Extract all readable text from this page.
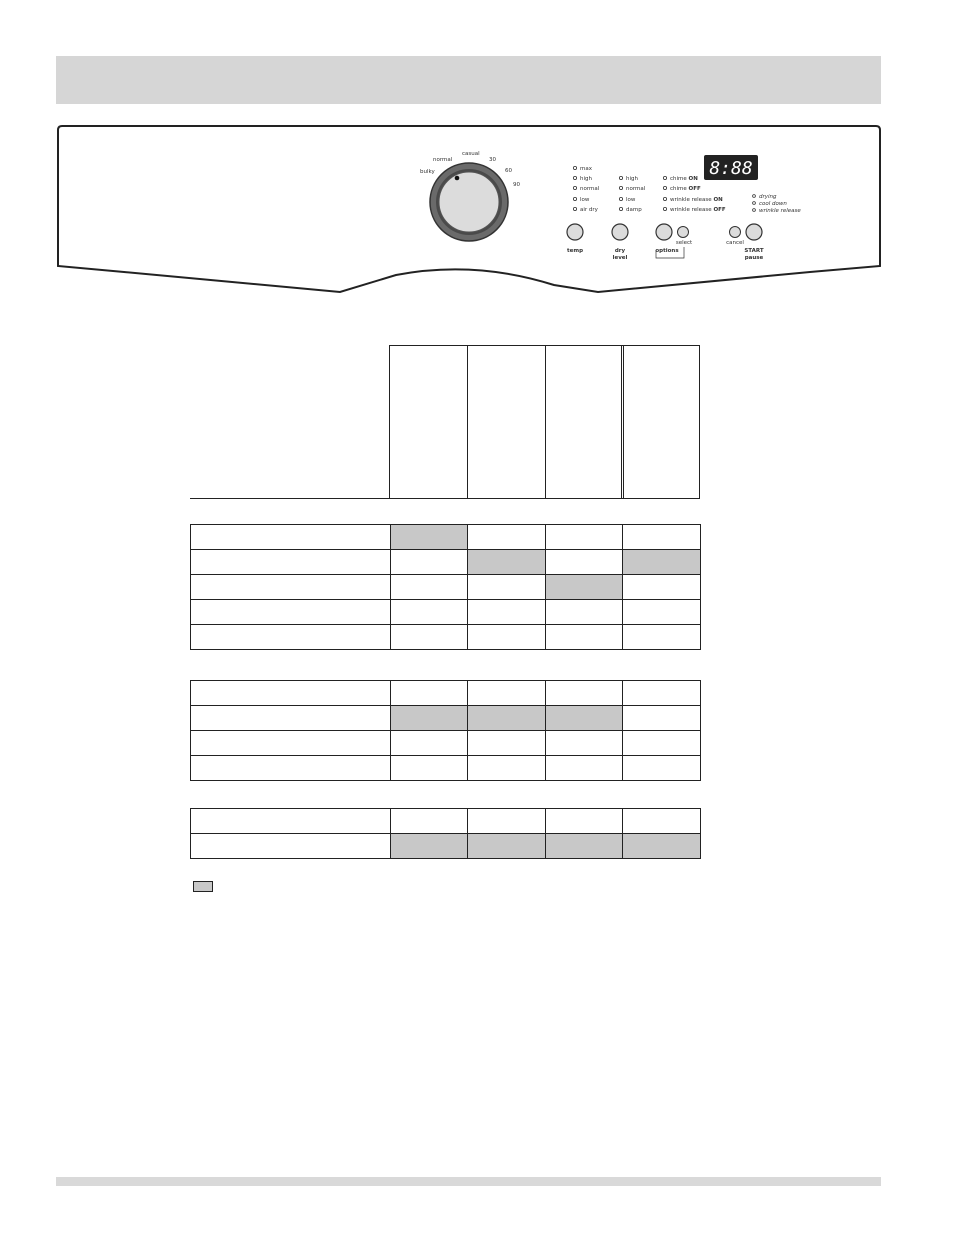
bulky
normal
casual
30
60
90
8:88
max
high
normal
low
air dry
high
normal
low
damp
chime ON
chime OFF
wrinkle release ON
wrinkle release OFF
drying
cool down
wrinkle release
temp	dry
level
options
select	cancel
START
pause
